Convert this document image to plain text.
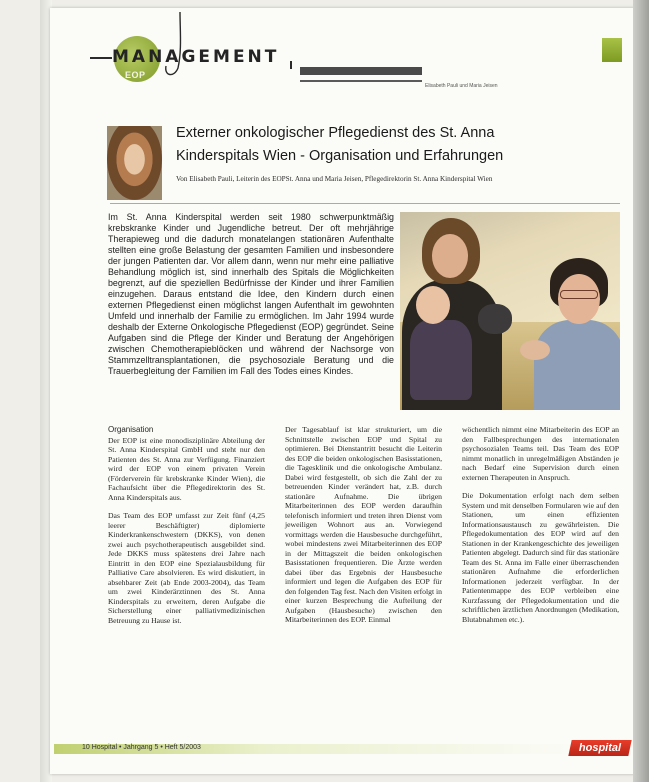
EOP
MANAGEMENT
Elisabeth Pauli und Maria Jeisen
Externer onkologischer Pflegedienst des St. Anna
Kinderspitals Wien - Organisation und Erfahrungen
Von Elisabeth Pauli, Leiterin des EOPSt. Anna und Maria Jeisen, Pflegedirektorin St. Anna Kinderspital Wien
Im St. Anna Kinderspital werden seit 1980 schwerpunktmäßig krebskranke Kinder und Jugendliche betreut. Der oft mehrjährige Therapieweg und die dadurch monatelangen stationären Aufenthalte stellten eine große Belastung der gesamten Familien und insbesondere der jungen Patienten dar. Vor allem dann, wenn nur mehr eine palliative Behandlung möglich ist, sind innerhalb des Spitals die Möglichkeiten begrenzt, auf die speziellen Bedürfnisse der Kinder und ihrer Familien einzugehen. Daraus entstand die Idee, den Kindern durch einen externen Pflegedienst einen möglichst langen Aufenthalt im gewohnten Umfeld und innerhalb der Familie zu ermöglichen. Im Jahr 1994 wurde deshalb der Externe Onkologische Pflegedienst (EOP) gegründet. Seine Aufgaben sind die Pflege der Kinder und Beratung der Angehörigen zwischen Chemotherapieblöcken und während der Nachsorge von Stammzelltransplantationen, die psychosoziale Beratung und die Trauerbegleitung der Familien im Fall des Todes eines Kindes.
Organisation

Der EOP ist eine monodisziplinäre Abteilung der St. Anna Kinderspital GmbH und steht nur den Patienten des St. Anna zur Verfügung. Finanziert wird der EOP von einem privaten Verein (Förderverein für krebskranke Kinder Wien), die Fachaufsicht über die Pflegedirektorin des St. Anna Kinderspitals aus.

Das Team des EOP umfasst zur Zeit fünf (4,25 leerer Beschäftigter) diplomierte Kinderkrankenschwestern (DKKS), von denen zwei auch psychotherapeutisch ausgebildet sind. Jede DKKS muss spätestens drei Jahre nach Eintritt in den EOP eine Spezialausbildung für Palliative Care absolvieren. Es wird diskutiert, in absehbarer Zeit (ab Ende 2003-2004), das Team um zwei Kinderärztinnen des St. Anna Kinderspitals zu erweitern, deren Aufgabe die Sicherstellung einer palliativmedizinischen Betreuung zu Hause ist.

Der Tagesablauf ist klar strukturiert, um die Schnittstelle zwischen EOP und Spital zu optimieren. Bei Dienstantritt besucht die Leiterin des EOP die beiden onkologischen Basisstationen, die Tagesklinik und die onkologische Ambulanz. Dabei wird festgestellt, ob sich die Zahl der zu betreuenden Kinder verändert hat, z.B. durch stationäre Aufnahme. Die übrigen Mitarbeiterinnen des EOP werden daraufhin telefonisch informiert und treten ihren Dienst vom jeweiligen Wohnort aus an. Vorwiegend vormittags werden die Hausbesuche durchgeführt, wobei mindestens zwei Mitarbeiterinnen des EOP in der Mittagszeit die beiden onkologischen Basisstationen frequentieren. Die Ärzte werden dabei über das Ergebnis der Hausbesuche informiert und legen die Aufgaben des EOP für den folgenden Tag fest. Nach den Visiten erfolgt in einer kurzen Besprechung die Aufteilung der Aufgaben (Hausbesuche) zwischen den Mitarbeiterinnen des EOP. Einmal

wöchentlich nimmt eine Mitarbeiterin des EOP an den Fallbesprechungen des internationalen psychosozialen Teams teil. Das Team des EOP nimmt monatlich in unregelmäßigen Abständen je nach Bedarf eine Supervision durch einen externen Therapeuten in Anspruch.

Die Dokumentation erfolgt nach dem selben System und mit denselben Formularen wie auf den Stationen, um einen effizienten Informationsaustausch zu gewährleisten. Die Pflegedokumentation des EOP wird auf den Stationen in der Krankengeschichte des jeweiligen Patienten abgelegt. Dadurch sind für das stationäre Team des St. Anna im Falle einer überraschenden stationären Aufnahme die erforderlichen Informationen jederzeit verfügbar. In der Patientenmappe des EOP verbleiben eine Kurzfassung der Pflegedokumentation und die schriftlichen ärztlichen Anordnungen (Medikation, Blutabnahmen etc.).

10 Hospital • Jahrgang 5 • Heft 5/2003	hospital
